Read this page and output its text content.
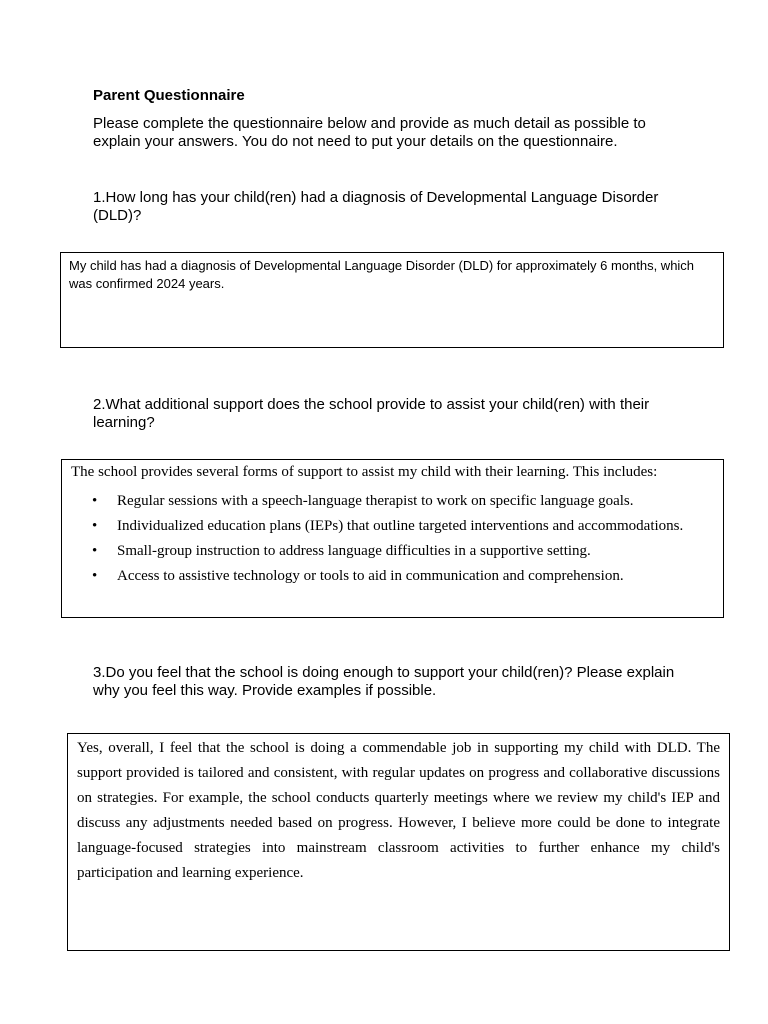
Parent Questionnaire
Please complete the questionnaire below and provide as much detail as possible to explain your answers. You do not need to put your details on the questionnaire.
1.How long has your child(ren) had a diagnosis of Developmental Language Disorder (DLD)?
My child has had a diagnosis of Developmental Language Disorder (DLD) for approximately 6 months, which was confirmed 2024 years.
2.What additional support does the school provide to assist your child(ren) with their learning?
The school provides several forms of support to assist my child with their learning. This includes:
• Regular sessions with a speech-language therapist to work on specific language goals.
• Individualized education plans (IEPs) that outline targeted interventions and accommodations.
• Small-group instruction to address language difficulties in a supportive setting.
• Access to assistive technology or tools to aid in communication and comprehension.
3.Do you feel that the school is doing enough to support your child(ren)? Please explain why you feel this way. Provide examples if possible.
Yes, overall, I feel that the school is doing a commendable job in supporting my child with DLD. The support provided is tailored and consistent, with regular updates on progress and collaborative discussions on strategies. For example, the school conducts quarterly meetings where we review my child's IEP and discuss any adjustments needed based on progress. However, I believe more could be done to integrate language-focused strategies into mainstream classroom activities to further enhance my child's participation and learning experience.
